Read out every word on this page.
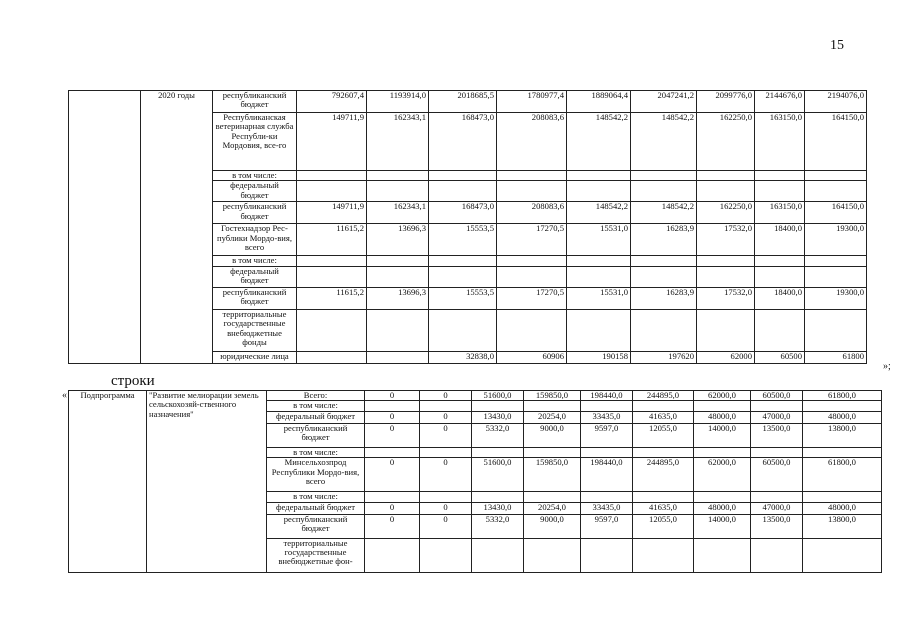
15
	2020 годы	республиканский бюджет	792607,4	1193914,0	2018685,5	1780977,4	1889064,4	2047241,2	2099776,0	2144676,0	2194076,0
		Республиканская ветеринарная служба Республи-ки Мордовия, все-го	149711,9	162343,1	168473,0	208083,6	148542,2	148542,2	162250,0	163150,0	164150,0
		в том числе:									
		федеральный бюджет									
		республиканский бюджет	149711,9	162343,1	168473,0	208083,6	148542,2	148542,2	162250,0	163150,0	164150,0
		Гостехнадзор Рес-публики Мордо-вия, всего	11615,2	13696,3	15553,5	17270,5	15531,0	16283,9	17532,0	18400,0	19300,0
		в том числе:									
		федеральный бюджет									
		республиканский бюджет	11615,2	13696,3	15553,5	17270,5	15531,0	16283,9	17532,0	18400,0	19300,0
		территориальные государственные внебюджетные фонды									
		юридические лица			32838,0	60906	190158	197620	62000	60500	61800
»;
строки
« Подпрограмма	"Развитие мелиорации земель сельскохозяй-ственного назначения"	Всего:	0	0	51600,0	159850,0	198440,0	244895,0	62000,0	60500,0	61800,0
		в том числе:									
		федеральный бюджет	0	0	13430,0	20254,0	33435,0	41635,0	48000,0	47000,0	48000,0
		республиканский бюджет	0	0	5332,0	9000,0	9597,0	12055,0	14000,0	13500,0	13800,0
		в том числе:									
		Минсельхозпрод Республики Мордо-вия, всего	0	0	51600,0	159850,0	198440,0	244895,0	62000,0	60500,0	61800,0
		в том числе:									
		федеральный бюджет	0	0	13430,0	20254,0	33435,0	41635,0	48000,0	47000,0	48000,0
		республиканский бюджет	0	0	5332,0	9000,0	9597,0	12055,0	14000,0	13500,0	13800,0
		территориальные государственные внебюджетные фон-									
